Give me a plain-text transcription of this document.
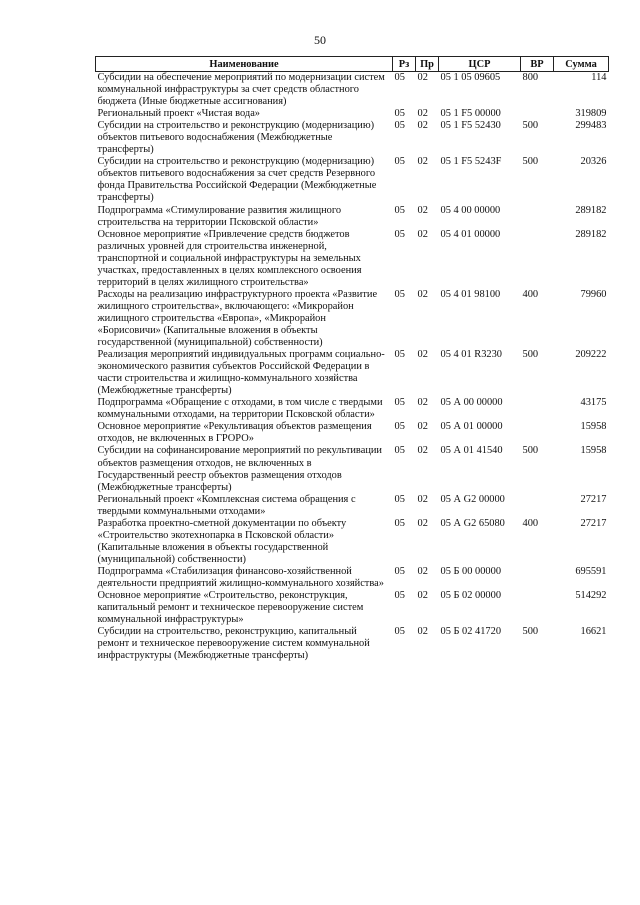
50
Наименование	Рз	Пр	ЦСР	ВР	Сумма
Субсидии на обеспечение мероприятий по модернизации систем коммунальной инфраструктуры за счет средств областного бюджета (Иные бюджетные ассигнования)	05	02	05 1 05 09605	800	114
Региональный проект «Чистая вода»	05	02	05 1 F5 00000		319809
Субсидии на строительство и реконструкцию (модернизацию) объектов питьевого водоснабжения (Межбюджетные трансферты)	05	02	05 1 F5 52430	500	299483
Субсидии на строительство и реконструкцию (модернизацию) объектов питьевого водоснабжения за счет средств Резервного фонда Правительства Российской Федерации (Межбюджетные трансферты)	05	02	05 1 F5 5243F	500	20326
Подпрограмма «Стимулирование развития жилищного строительства на территории Псковской области»	05	02	05 4 00 00000		289182
Основное мероприятие «Привлечение средств бюджетов различных уровней для строительства инженерной, транспортной и социальной инфраструктуры на земельных участках, предоставленных в целях комплексного освоения территорий в целях жилищного строительства»	05	02	05 4 01 00000		289182
Расходы на реализацию инфраструктурного проекта «Развитие жилищного строительства», включающего: «Микрорайон жилищного строительства «Европа», «Микрорайон «Борисовичи» (Капитальные вложения в объекты государственной (муниципальной) собственности)	05	02	05 4 01 98100	400	79960
Реализация мероприятий индивидуальных программ социально-экономического развития субъектов Российской Федерации в части строительства и жилищно-коммунального хозяйства (Межбюджетные трансферты)	05	02	05 4 01 R3230	500	209222
Подпрограмма «Обращение с отходами, в том числе с твердыми коммунальными отходами, на территории Псковской области»	05	02	05 А 00 00000		43175
Основное мероприятие «Рекультивация объектов размещения отходов, не включенных в ГРОРО»	05	02	05 А 01 00000		15958
Субсидии на софинансирование мероприятий по рекультивации объектов размещения отходов, не включенных в Государственный реестр объектов размещения отходов (Межбюджетные трансферты)	05	02	05 А 01 41540	500	15958
Региональный проект «Комплексная система обращения с твердыми коммунальными отходами»	05	02	05 А G2 00000		27217
Разработка проектно-сметной документации по объекту «Строительство экотехнопарка в Псковской области» (Капитальные вложения в объекты государственной (муниципальной) собственности)	05	02	05 А G2 65080	400	27217
Подпрограмма «Стабилизация финансово-хозяйственной деятельности предприятий жилищно-коммунального хозяйства»	05	02	05 Б 00 00000		695591
Основное мероприятие «Строительство, реконструкция, капитальный ремонт и техническое перевооружение систем коммунальной инфраструктуры»	05	02	05 Б 02 00000		514292
Субсидии на строительство, реконструкцию, капитальный ремонт и техническое перевооружение систем коммунальной инфраструктуры (Межбюджетные трансферты)	05	02	05 Б 02 41720	500	16621
